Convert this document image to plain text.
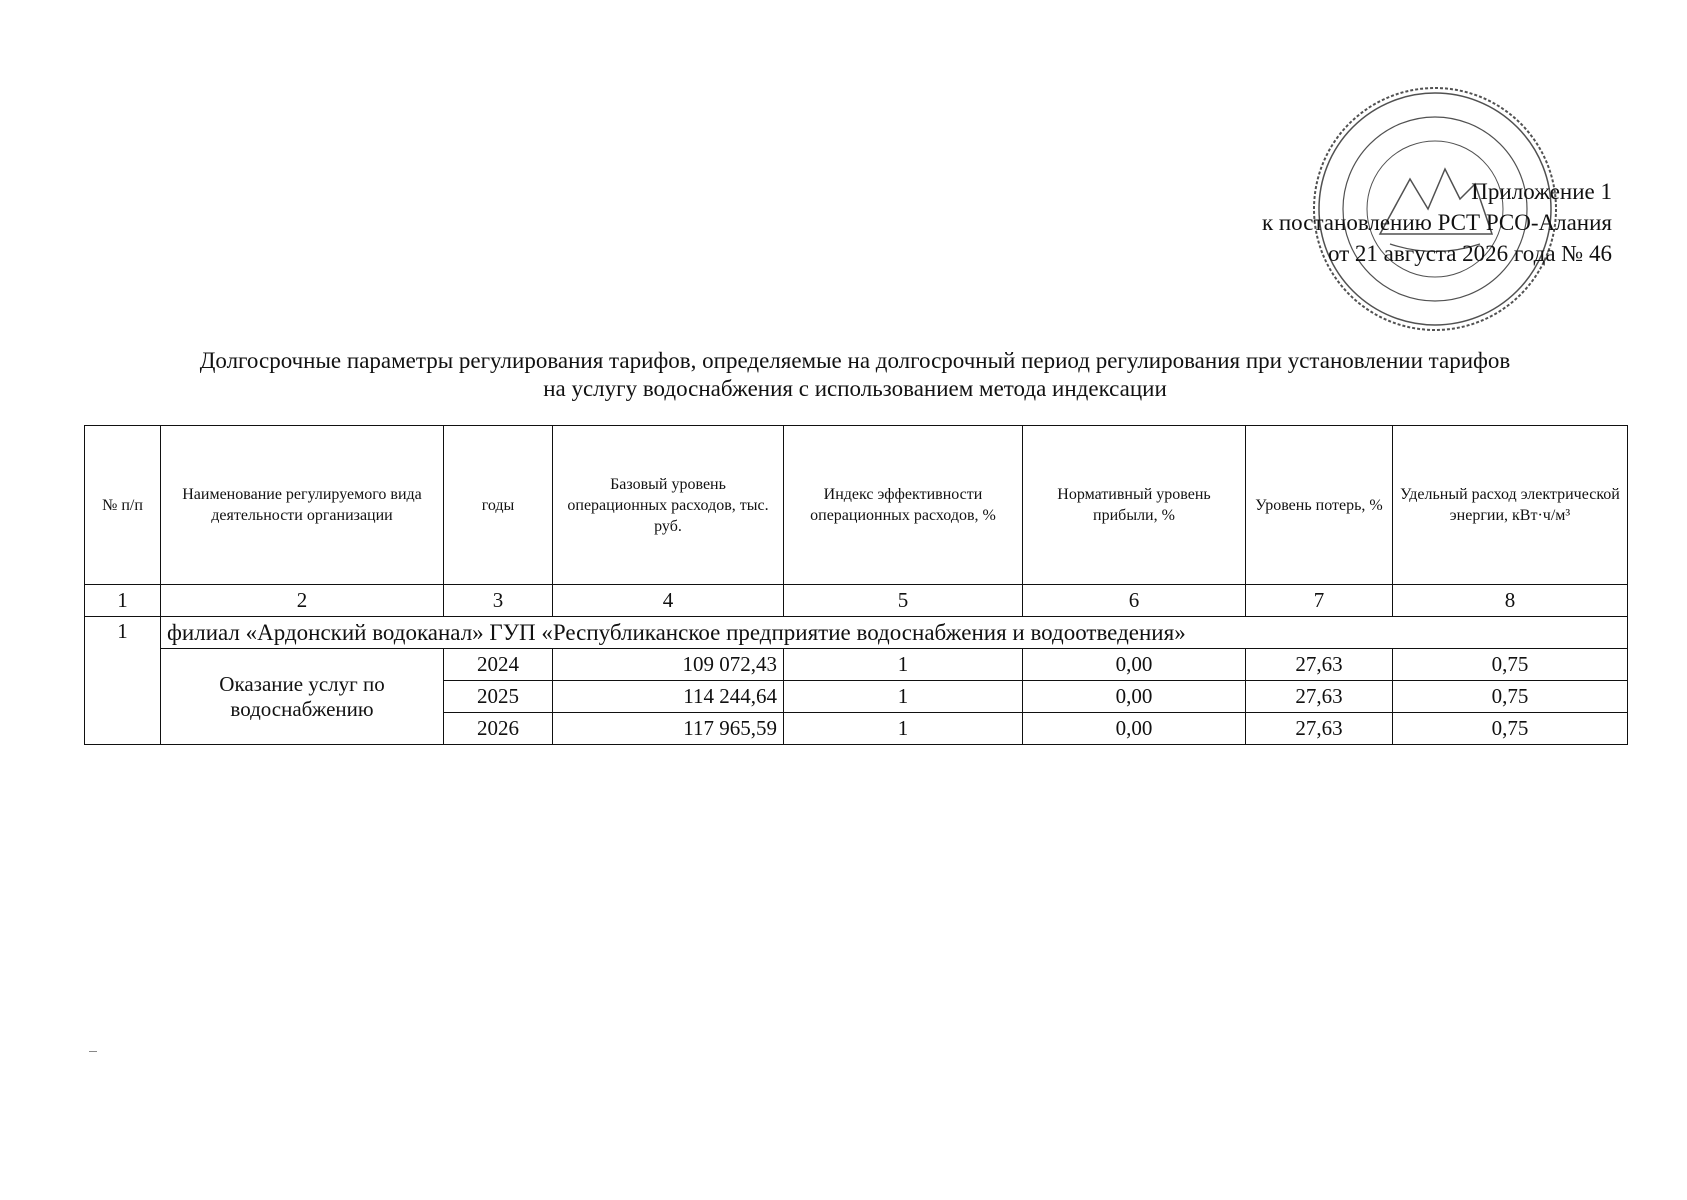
Приложение 1
к постановлению РСТ РСО-Алания
от 21 августа 2026 года № 46
Долгосрочные параметры регулирования тарифов, определяемые на долгосрочный период регулирования при установлении тарифов
на услугу водоснабжения с использованием метода индексации
№ п/п	Наименование регулируемого вида деятельности организации	годы	Базовый уровень операционных расходов, тыс. руб.	Индекс эффективности операционных расходов, %	Нормативный уровень прибыли, %	Уровень потерь, %	Удельный расход электрической энергии, кВт·ч/м³
1	2	3	4	5	6	7	8
1	филиал «Ардонский водоканал» ГУП «Республиканское предприятие водоснабжения и водоотведения»						
	Оказание услуг по водоснабжению	2024	109 072,43	1	0,00	27,63	0,75
		2025	114 244,64	1	0,00	27,63	0,75
		2026	117 965,59	1	0,00	27,63	0,75
